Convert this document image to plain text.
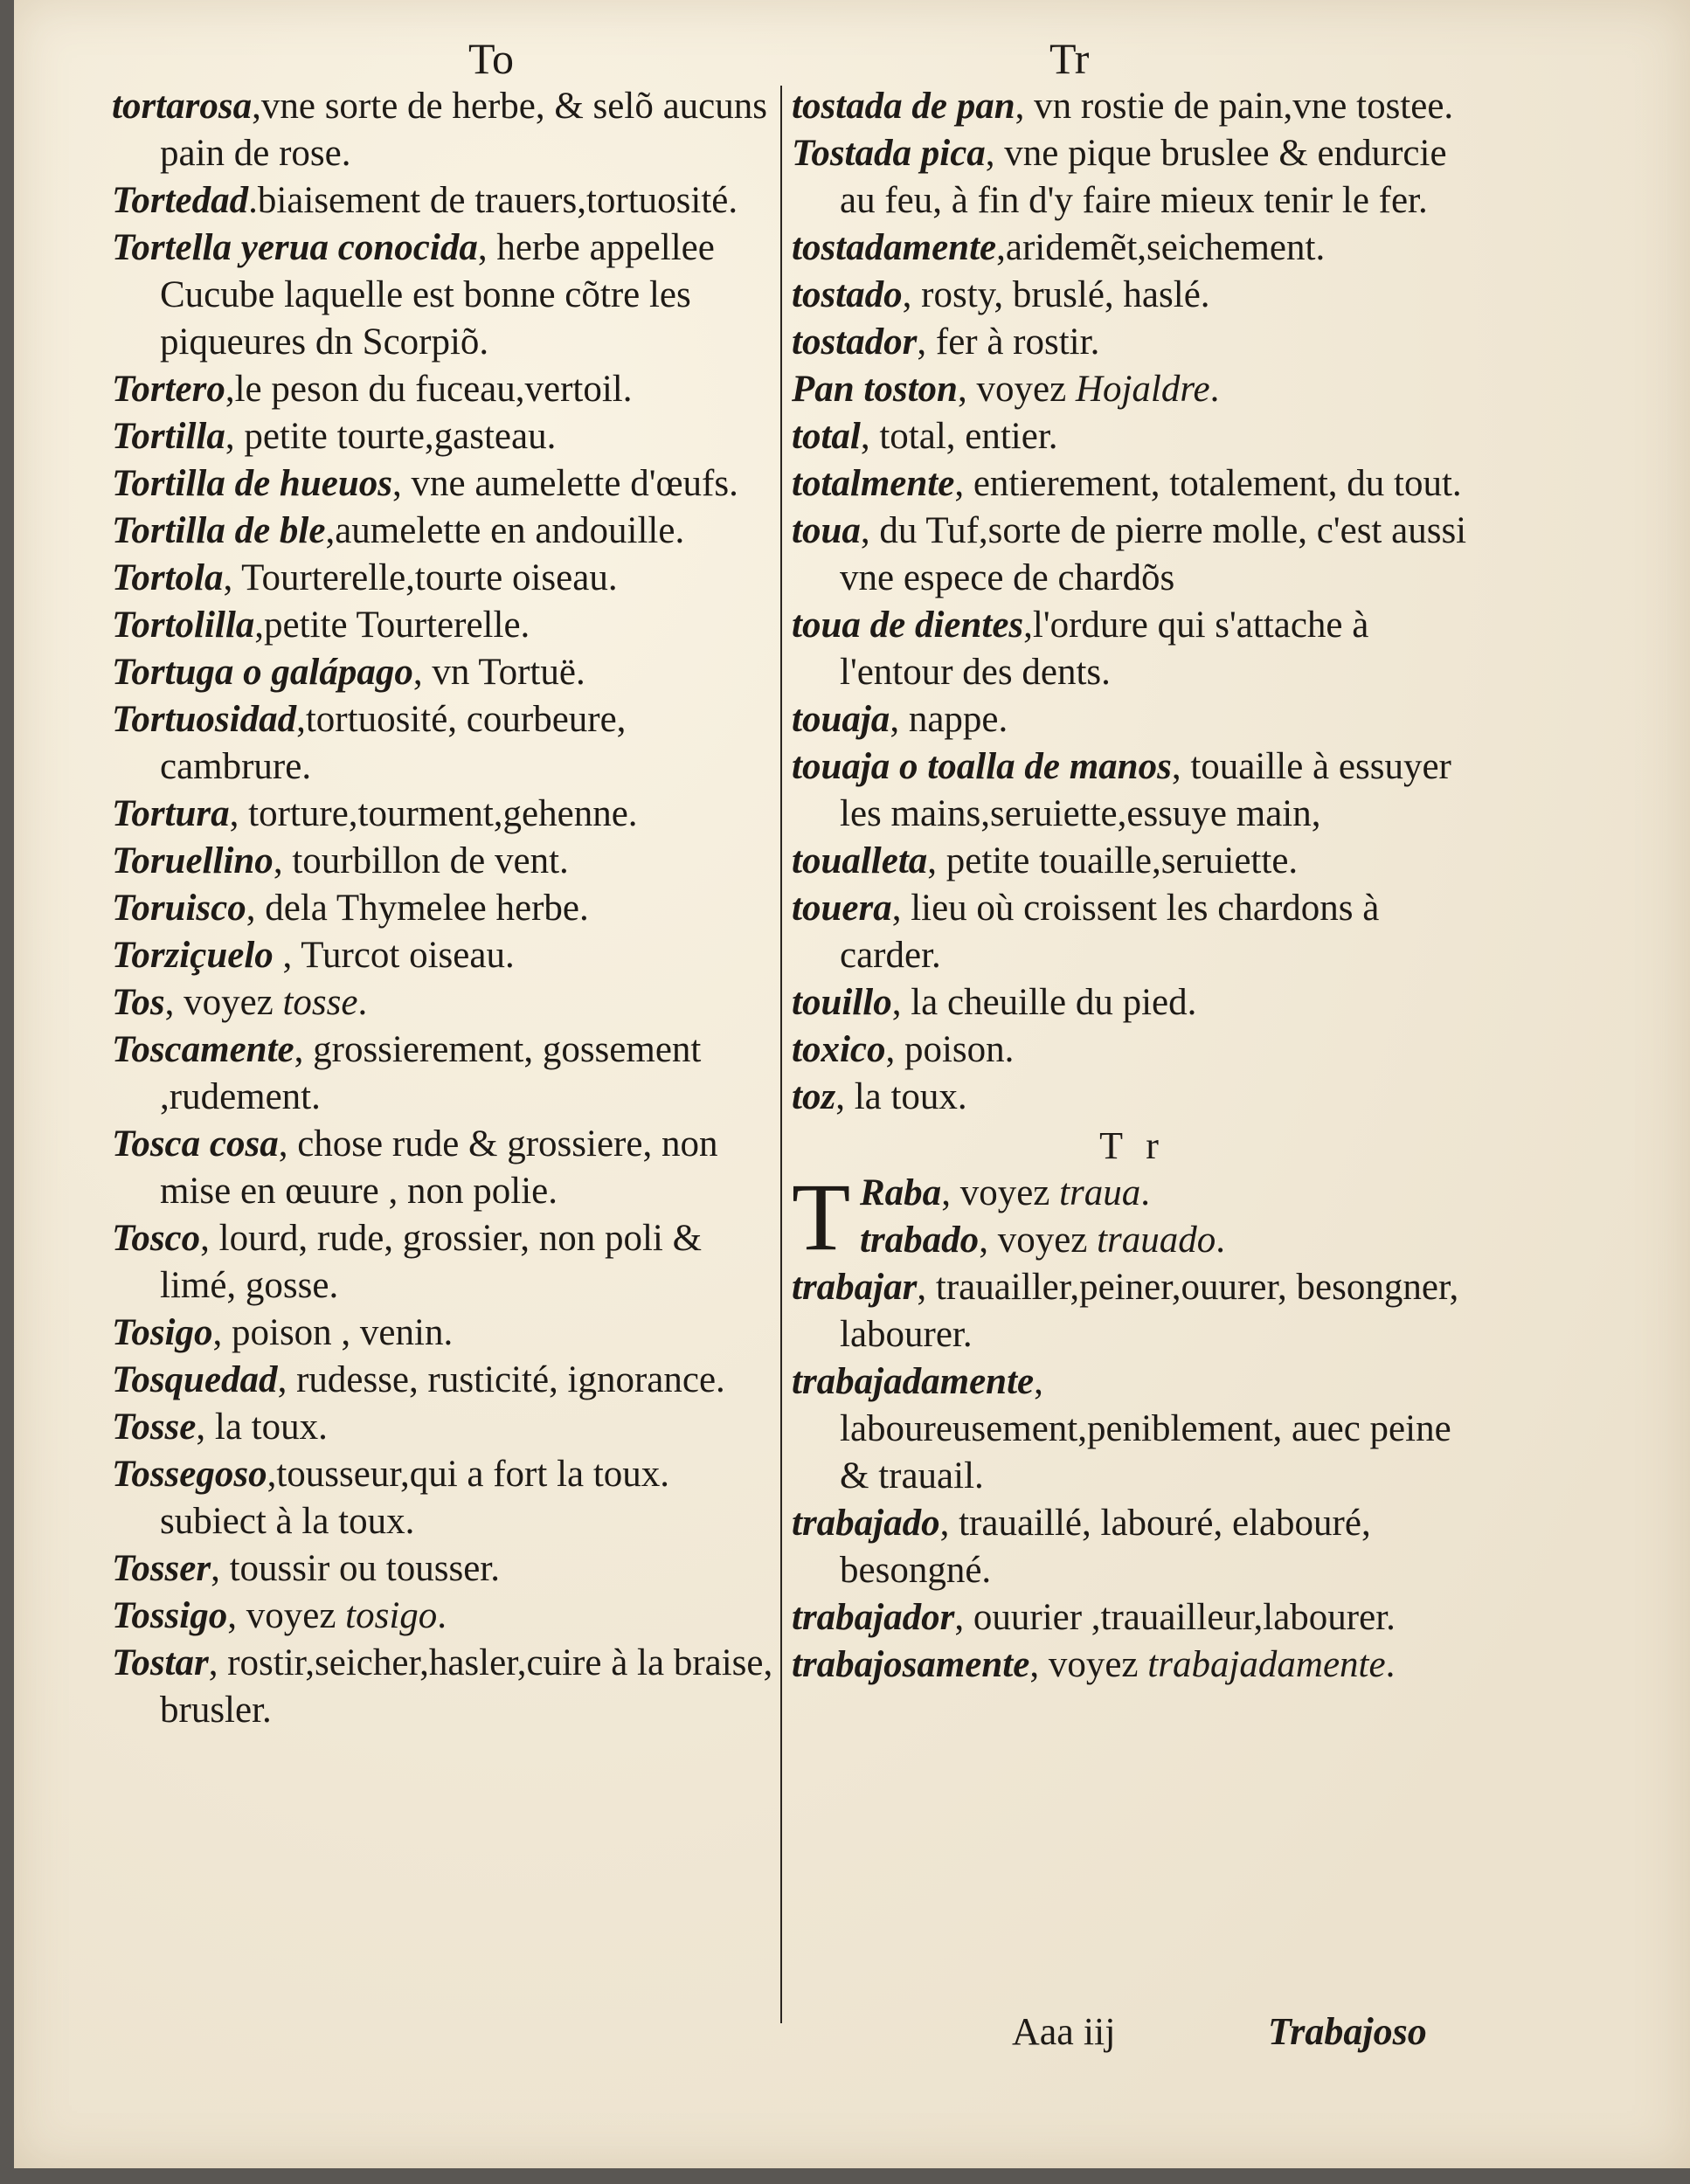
To	Tr

tortarosa,vne sorte de herbe, & selõ aucuns pain de rose.

Tortedad.biaisement de trauers,tortuosité.

Tortella yerua conocida, herbe appellee Cucube laquelle est bonne cõtre les piqueures dn Scorpiõ.

Tortero,le peson du fuceau,vertoil.

Tortilla, petite tourte,gasteau.

Tortilla de hueuos, vne aumelette d'œufs.

Tortilla de ble,aumelette en andouille.

Tortola, Tourterelle,tourte oiseau.

Tortolilla,petite Tourterelle.

Tortuga o galápago, vn Tortuë.

Tortuosidad,tortuosité, courbeure, cambrure.

Tortura, torture,tourment,gehenne.

Toruellino, tourbillon de vent.

Toruisco, dela Thymelee herbe.

Torziçuelo , Turcot oiseau.

Tos, voyez tosse.

Toscamente, grossierement, gossement ,rudement.

Tosca cosa, chose rude & grossiere, non mise en œuure , non polie.

Tosco, lourd, rude, grossier, non poli & limé, gosse.

Tosigo, poison , venin.

Tosquedad, rudesse, rusticité, ignorance.

Tosse, la toux.

Tossegoso,tousseur,qui a fort la toux. subiect à la toux.

Tosser, toussir ou tousser.

Tossigo, voyez tosigo.

Tostar, rostir,seicher,hasler,cuire à la braise, brusler.

tostada de pan, vn rostie de pain,vne tostee.

Tostada pica, vne pique bruslee & endurcie au feu, à fin d'y faire mieux tenir le fer.

tostadamente,aridemẽt,seichement.

tostado, rosty, bruslé, haslé.

tostador, fer à rostir.

Pan toston, voyez Hojaldre.

total, total, entier.

totalmente, entierement, totalement, du tout.

toua, du Tuf,sorte de pierre molle, c'est aussi vne espece de chardõs

toua de dientes,l'ordure qui s'attache à l'entour des dents.

touaja, nappe.

touaja o toalla de manos, touaille à essuyer les mains,seruiette,essuye main,

toualleta, petite touaille,seruiette.

touera, lieu où croissent les chardons à carder.

touillo, la cheuille du pied.

toxico, poison.

toz, la toux.

T r

T Raba, voyez traua.
trabado, voyez trauado.

trabajar, trauailler,peiner,ouurer, besongner, labourer.

trabajadamente, laboureusement,peniblement, auec peine & trauail.

trabajado, trauaillé, labouré, elabouré, besongné.

trabajador, ouurier ,trauailleur,labourer.

trabajosamente, voyez trabajadamente.

Aaa iij	Trabajoso
